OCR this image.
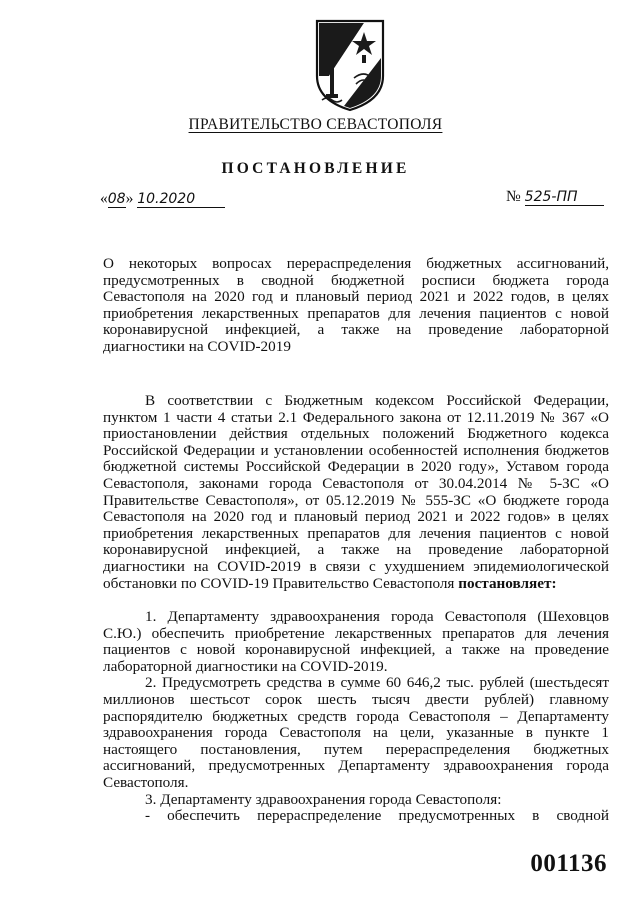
ПРАВИТЕЛЬСТВО СЕВАСТОПОЛЯ
ПОСТАНОВЛЕНИЕ
«08» 10.2020	№ 525-ПП

О некоторых вопросах перераспределения бюджетных ассигнований, предусмотренных в сводной бюджетной росписи бюджета города Севастополя на 2020 год и плановый период 2021 и 2022 годов, в целях приобретения лекарственных препаратов для лечения пациентов с новой коронавирусной инфекцией, а также на проведение лабораторной диагностики на COVID-2019

В соответствии с Бюджетным кодексом Российской Федерации, пунктом 1 части 4 статьи 2.1 Федерального закона от 12.11.2019 № 367 «О приостановлении действия отдельных положений Бюджетного кодекса Российской Федерации и установлении особенностей исполнения бюджетов бюджетной системы Российской Федерации в 2020 году», Уставом города Севастополя, законами города Севастополя от 30.04.2014 № 5-ЗС «О Правительстве Севастополя», от 05.12.2019 № 555-ЗС «О бюджете города Севастополя на 2020 год и плановый период 2021 и 2022 годов» в целях приобретения лекарственных препаратов для лечения пациентов с новой коронавирусной инфекцией, а также на проведение лабораторной диагностики на COVID-2019 в связи с ухудшением эпидемиологической обстановки по COVID-19 Правительство Севастополя постановляет:

1. Департаменту здравоохранения города Севастополя (Шеховцов С.Ю.) обеспечить приобретение лекарственных препаратов для лечения пациентов с новой коронавирусной инфекцией, а также на проведение лабораторной диагностики на COVID-2019.

2. Предусмотреть средства в сумме 60 646,2 тыс. рублей (шестьдесят миллионов шестьсот сорок шесть тысяч двести рублей) главному распорядителю бюджетных средств города Севастополя – Департаменту здравоохранения города Севастополя на цели, указанные в пункте 1 настоящего постановления, путем перераспределения бюджетных ассигнований, предусмотренных Департаменту здравоохранения города Севастополя.

3. Департаменту здравоохранения города Севастополя:

- обеспечить перераспределение предусмотренных в сводной

001136
